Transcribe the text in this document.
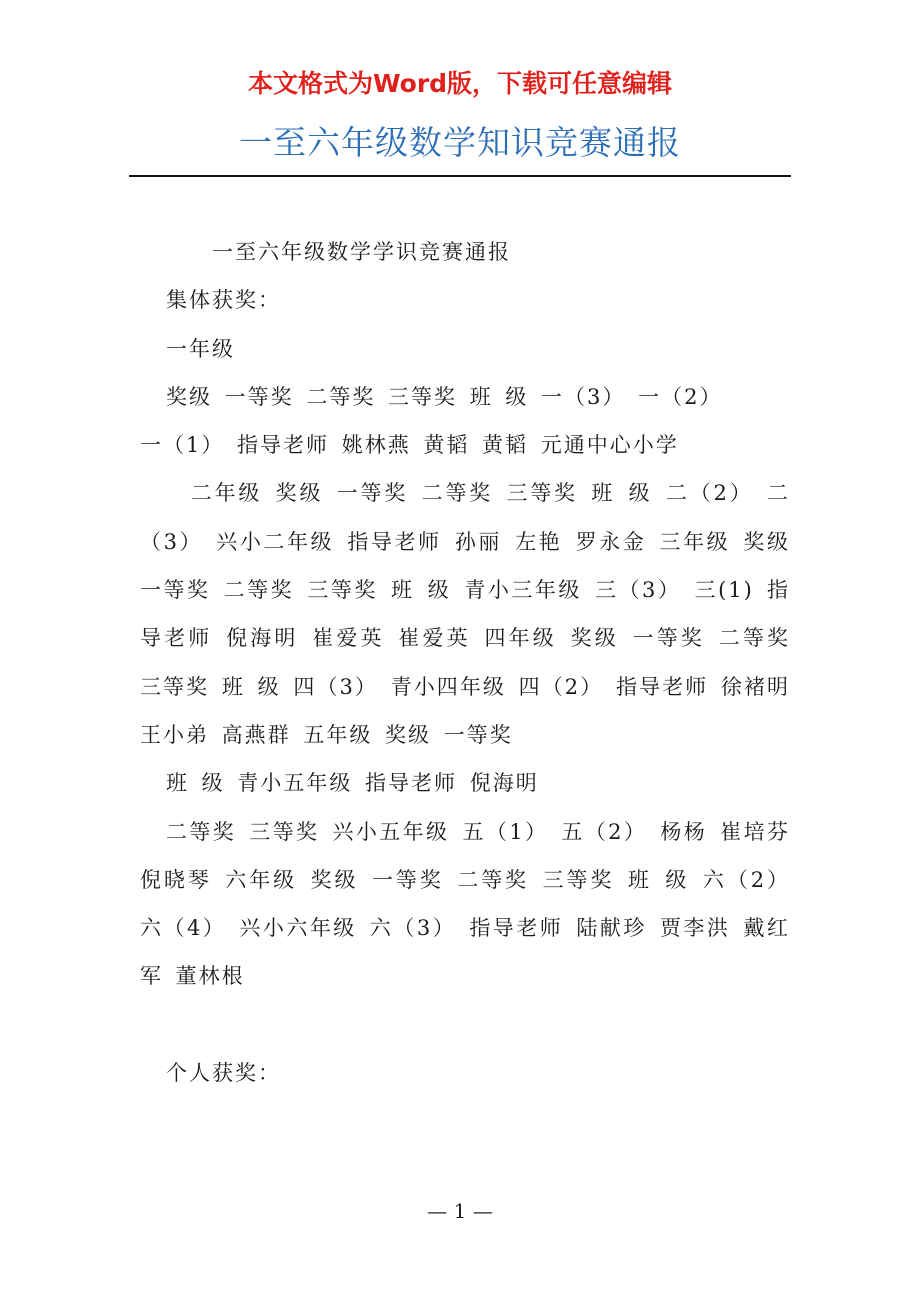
本文格式为Word版，下载可任意编辑
一至六年级数学知识竞赛通报

一至六年级数学学识竞赛通报

集体获奖：

一年级

奖级 一等奖 二等奖 三等奖 班 级 一（3） 一（2）

一（1） 指导老师 姚林燕 黄韬 黄韬 元通中心小学

二年级 奖级 一等奖 二等奖 三等奖 班 级 二（2） 二（3） 兴小二年级 指导老师 孙丽 左艳 罗永金 三年级 奖级 一等奖 二等奖 三等奖 班 级 青小三年级 三（3） 三(1) 指导老师 倪海明 崔爱英 崔爱英 四年级 奖级 一等奖 二等奖 三等奖 班 级 四（3） 青小四年级 四（2） 指导老师 徐褚明 王小弟 高燕群 五年级 奖级 一等奖

班 级 青小五年级 指导老师 倪海明

二等奖 三等奖 兴小五年级 五（1） 五（2） 杨杨 崔培芬 倪晓琴 六年级 奖级 一等奖 二等奖 三等奖 班 级 六（2） 六（4） 兴小六年级 六（3） 指导老师 陆献珍 贾李洪 戴红军 董林根

个人获奖：

— 1 —
